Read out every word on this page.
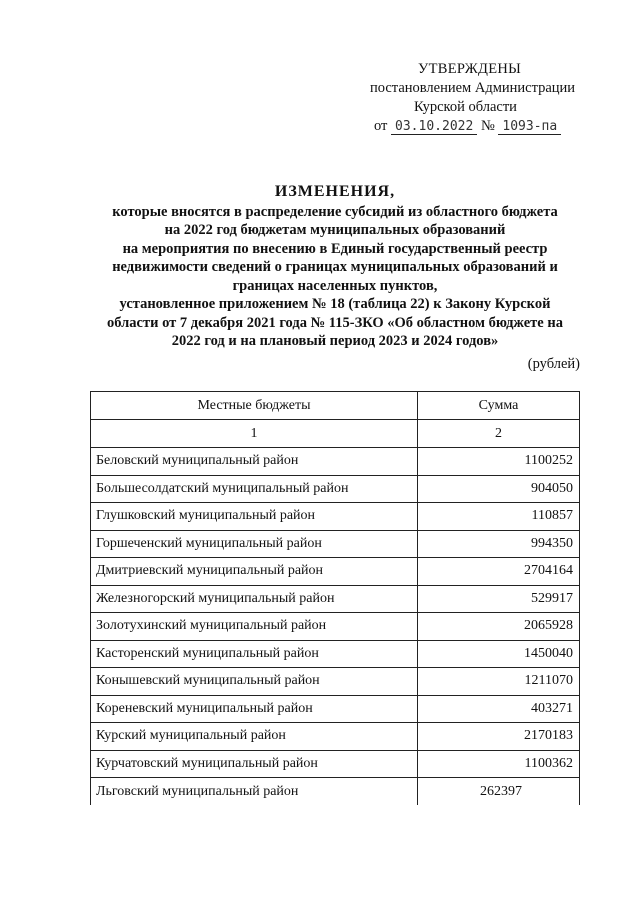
УТВЕРЖДЕНЫ
постановлением Администрации
Курской области
от 03.10.2022 № 1093-па
ИЗМЕНЕНИЯ,
которые вносятся в распределение субсидий из областного бюджета
на 2022 год бюджетам муниципальных образований
на мероприятия по внесению в Единый государственный реестр
недвижимости сведений о границах муниципальных образований и
границах населенных пунктов,
установленное приложением № 18 (таблица 22) к Закону Курской
области от 7 декабря 2021 года № 115-ЗКО «Об областном бюджете на
2022 год и на плановый период 2023 и 2024 годов»
(рублей)
Местные бюджеты	Сумма
1	2
Беловский муниципальный район	1100252
Большесолдатский муниципальный район	904050
Глушковский муниципальный район	110857
Горшеченский муниципальный район	994350
Дмитриевский муниципальный район	2704164
Железногорский муниципальный район	529917
Золотухинский муниципальный район	2065928
Касторенский муниципальный район	1450040
Конышевский муниципальный район	1211070
Кореневский муниципальный район	403271
Курский муниципальный район	2170183
Курчатовский муниципальный район	1100362
Льговский муниципальный район	262397
